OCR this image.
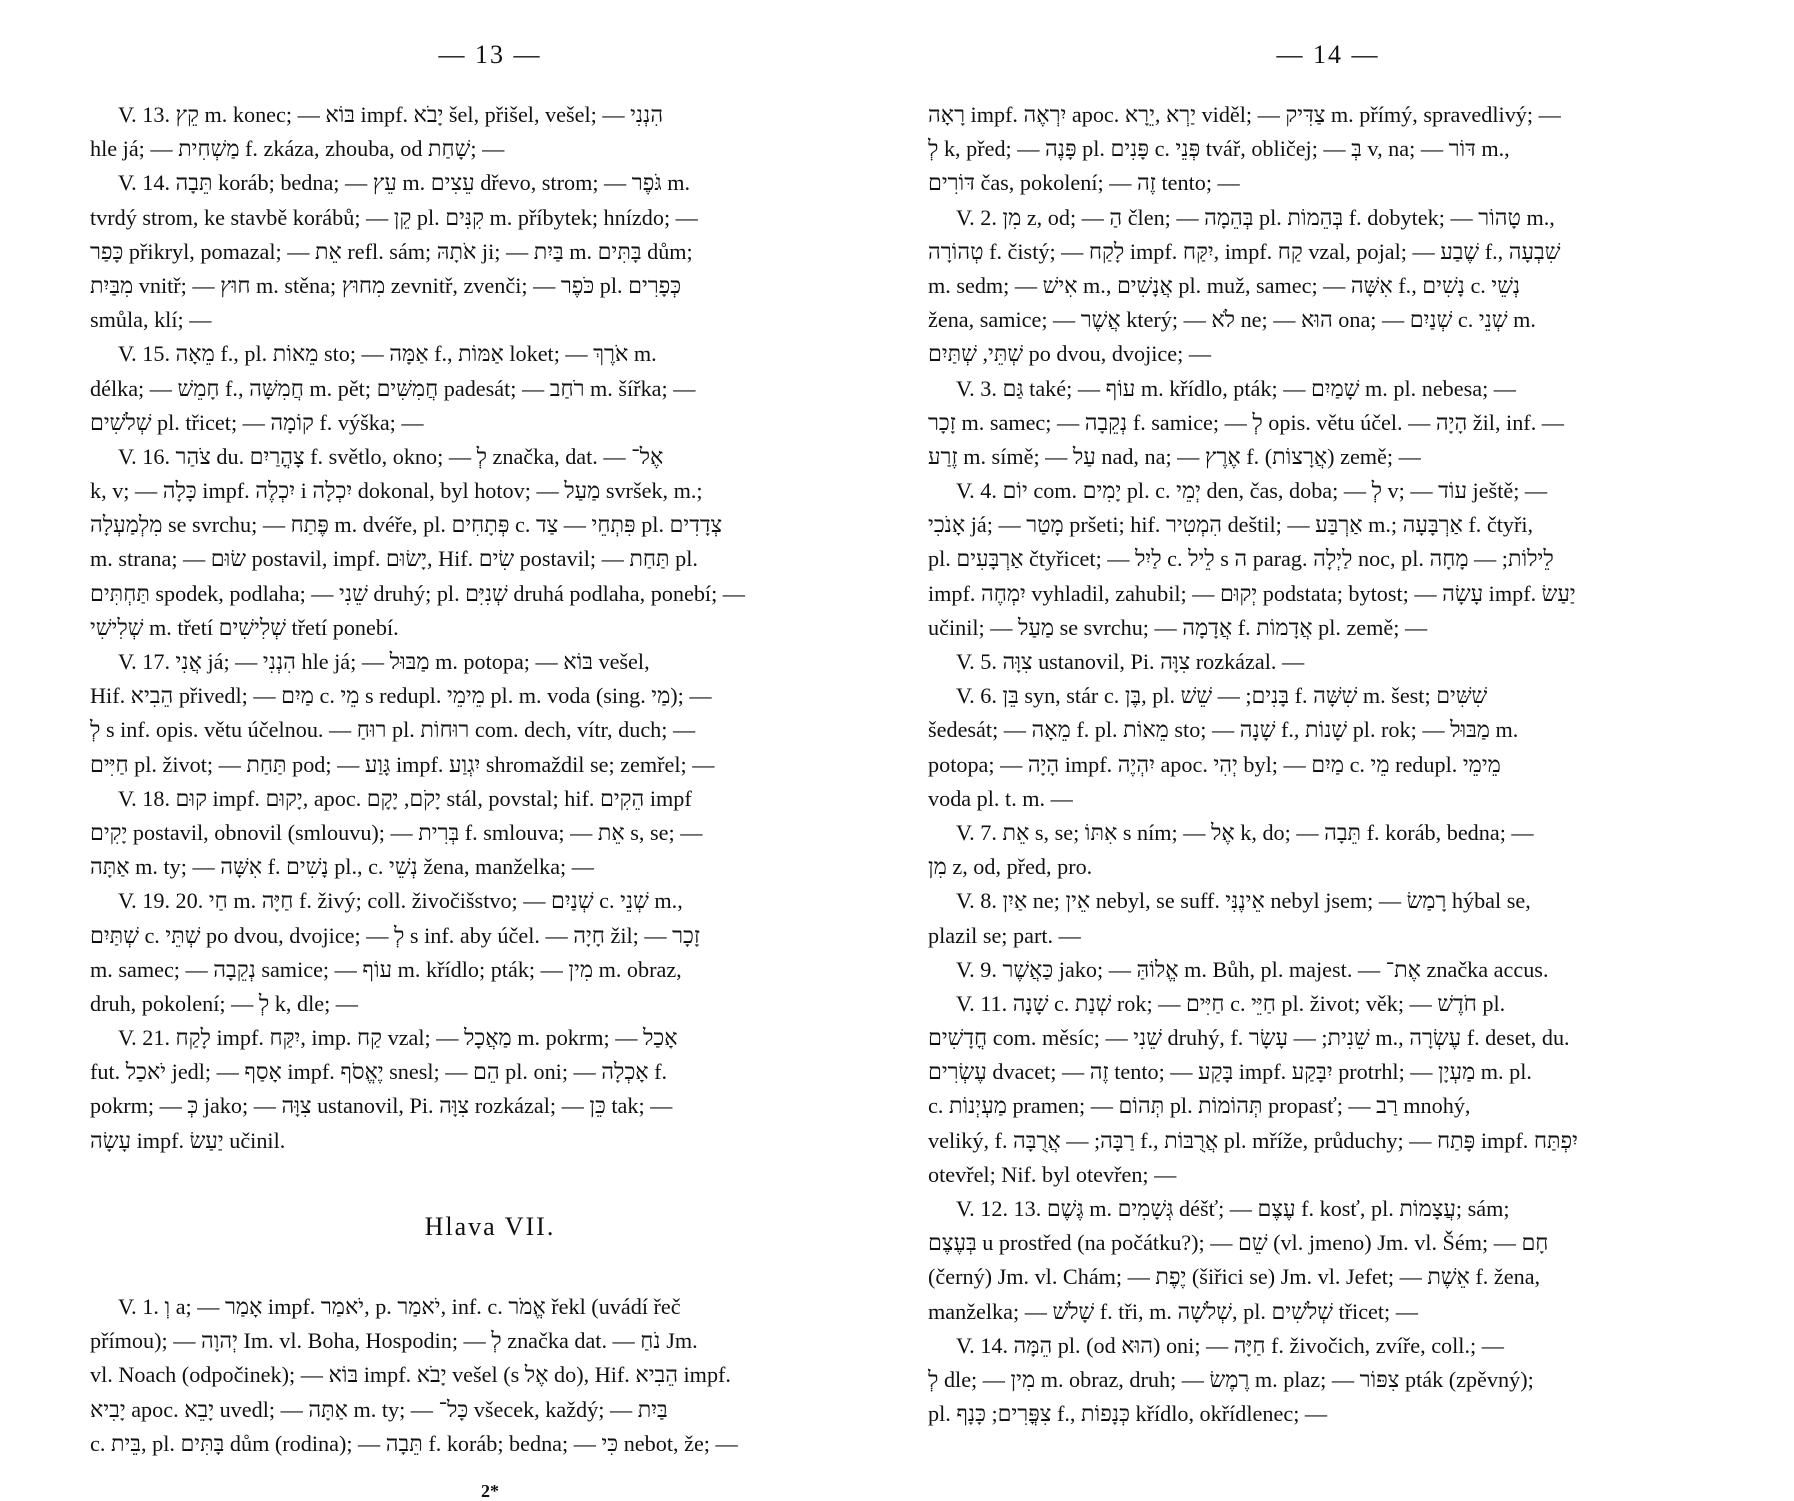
— 13 —
V. 13. קֵץ m. konec; — בּוֹא impf. יָבֹא šel, přišel, vešel; — הִנְנִי
hle já; — מַשְׁחִית f. zkáza, zhouba, od שָׁחַת; —
V. 14. תֵּבָה koráb; bedna; — עֵץ m. עֵצִים dřevo, strom; — גֹּפֶר m.
tvrdý strom, ke stavbě korábů; — קֵן pl. קִנִּים m. příbytek; hnízdo; —
כָּפַר přikryl, pomazal; — אֵת refl. sám; אֹתָהּ ji; — בַּיִת m. בָּתִּים dům;
מִבַּיִת vnitř; — חוּץ m. stěna; מִחוּץ zevnitř, zvenči; — כֹּפֶר pl. כְּפָרִים
smůla, klí; —
V. 15. מֵאָה f., pl. מֵאוֹת sto; — אַמָּה f., אַמּוֹת loket; — אֹרֶךְ m.
délka; — חָמֵשׁ f., חֲמִשָּׁה m. pět; חֲמִשִּׁים padesát; — רֹחַב m. šířka; —
שְׁלֹשִׁים pl. třicet; — קוֹמָה f. výška; —
V. 16. צֹהַר du. צָהֳרַיִם f. světlo, okno; — לְ značka, dat. — אֶל־
k, v; — כָּלָה impf. יִכְלֶה i יִכְלָה dokonal, byl hotov; — מַעַל svršek, m.;
מִלְמַעְלָה se svrchu; — פֶּתַח m. dvéře, pl. פְּתָחִים c. פִּתְחֵי — צַד pl. צְדָדִים
m. strana; — שׂוּם postavil, impf. יָשׂוּם, Hif. שִׂים postavil; — תַּחַת pl.
תַּחְתִּים spodek, podlaha; — שֵׁנִי druhý; pl. שְׁנִיִּם druhá podlaha, ponebí; —
שְׁלִישִׁי m. třetí שְׁלִישִׁים třetí ponebí.
V. 17. אֲנִי já; — הִנְנִי hle já; — מַבּוּל m. potopa; — בּוֹא vešel,
Hif. הֵבִיא přivedl; — מַיִם c. מֵי s redupl. מֵימֵי pl. m. voda (sing. מַי); —
לְ s inf. opis. větu účelnou. — רוּחַ pl. רוּחוֹת com. dech, vítr, duch; —
חַיִּים pl. život; — תַּחַת pod; — גָּוַע impf. יִגְוַע shromaždil se; zemřel; —
V. 18. קוּם impf. יָקוּם, apoc. יָקֹם, יָקָם stál, povstal; hif. הֵקִים impf
יָקִים postavil, obnovil (smlouvu); — בְּרִית f. smlouva; — אֵת s, se; —
אַתָּה m. ty; — אִשָּׁה f. נָשִׁים pl., c. נְשֵׁי žena, manželka; —
V. 19. 20. חַי m. חַיָּה f. živý; coll. živočišstvo; — שְׁנַיִם c. שְׁנֵי m.,
שְׁתַּיִם c. שְׁתֵּי po dvou, dvojice; — לְ s inf. aby účel. — חָיָה žil; — זָכָר
m. samec; — נְקֵבָה samice; — עוֹף m. křídlo; pták; — מִין m. obraz,
druh, pokolení; — לְ k, dle; —
V. 21. לָקַח impf. יִקַּח, imp. קַח vzal; — מַאֲכָל m. pokrm; — אָכַל
fut. יֹאכַל jedl; — אָסַף impf. יֶאֱסֹף snesl; — הֵם pl. oni; — אָכְלָה f.
pokrm; — כְּ jako; — צִוָּה ustanovil, Pi. צִוָּה rozkázal; — כֵּן tak; —
עָשָׂה impf. יַעַשׂ učinil.
Hlava VII.
V. 1. וְ a; — אָמַר impf. יֹאמַר, p. יֹאמַר, inf. c. אֱמֹר řekl (uvádí řeč
přímou); — יְהוָה Im. vl. Boha, Hospodin; — לְ značka dat. — נֹחַ Jm.
vl. Noach (odpočinek); — בּוֹא impf. יָבֹא vešel (s אֶל do), Hif. הֵבִיא impf.
יָבִיא apoc. יָבֵא uvedl; — אַתָּה m. ty; — כָּל־ všecek, každý; — בַּיִת
c. בֵּית, pl. בָּתִּים dům (rodina); — תֵּבָה f. koráb; bedna; — כִּי nebot, že; —
2*
— 14 —
רָאָה impf. יִרְאֶה apoc. יַרְא ,יֵרָא viděl; — צַדִּיק m. přímý, spravedlivý; —
לְ k, před; — פָּנֶה pl. פָּנִים c. פְּנֵי tvář, obličej; — בְּ v, na; — דּוֹר m.,
דּוֹרִים čas, pokolení; — זֶה tento; —
V. 2. מִן z, od; — הַ člen; — בְּהֵמָה pl. בְּהֵמוֹת f. dobytek; — טָהוֹר m.,
טְהוֹרָה f. čistý; — לָקַח impf. יִקַּח, impf. קַח vzal, pojal; — שֶׁבַע f., שִׁבְעָה
m. sedm; — אִישׁ m., אֲנָשִׁים pl. muž, samec; — אִשָּׁה f., נָשִׁים c. נְשֵׁי
žena, samice; — אֲשֶׁר který; — לֹא ne; — הוּא ona; — שְׁנַיִם c. שְׁנֵי m.
שְׁתֵּי, שְׁתַּיִם po dvou, dvojice; —
V. 3. גַּם také; — עוֹף m. křídlo, pták; — שָׁמַיִם m. pl. nebesa; —
זָכָר m. samec; — נְקֵבָה f. samice; — לְ opis. větu účel. — הָיָה žil, inf. —
זֶרַע m. símě; — עַל nad, na; — אֶרֶץ f. (אֲרָצוֹת) země; —
V. 4. יוֹם com. יָמִים pl. c. יְמֵי den, čas, doba; — לְ v; — עוֹד ještě; —
אָנֹכִי já; — מָטַר pršeti; hif. הִמְטִיר deštil; — אַרְבַּע m.; אַרְבָּעָה f. čtyři,
pl. אַרְבָּעִים čtyřicet; — לַיִל c. לֵיל s ה parag. לַיְלָה noc, pl. לֵילוֹת; — מָחָה
impf. יִמְחֶה vyhladil, zahubil; — יְקוּם podstata; bytost; — עָשָׂה impf. יַעַשׂ
učinil; — מַעַל se svrchu; — אֲדָמָה f. אֲדָמוֹת pl. země; —
V. 5. צִוָּה ustanovil, Pi. צִוָּה rozkázal. —
V. 6. בֵּן syn, stár c. בֶּן, pl. בָּנִים; — שֵׁשׁ f. שִׁשָּׁה m. šest; שִׁשִּׁים
šedesát; — מֵאָה f. pl. מֵאוֹת sto; — שָׁנָה f., שָׁנוֹת pl. rok; — מַבּוּל m.
potopa; — הָיָה impf. יִהְיֶה apoc. יְהִי byl; — מַיִם c. מֵי redupl. מֵימֵי
voda pl. t. m. —
V. 7. אֵת s, se; אִתּוֹ s ním; — אֶל k, do; — תֵּבָה f. koráb, bedna; —
מִן z, od, před, pro.
V. 8. אַיִן ne; אֵין nebyl, se suff. אֵינֶנִּי nebyl jsem; — רָמַשׂ hýbal se,
plazil se; part. —
V. 9. כַּאֲשֶׁר jako; — אֱלוֹהַּ m. Bůh, pl. majest. — אֶת־ značka accus.
V. 11. שָׁנָה c. שְׁנַת rok; — חַיִּים c. חַיֵּי pl. život; věk; — חֹדֶשׁ pl.
חֳדָשִׁים com. měsíc; — שֵׁנִי druhý, f. שֵׁנִית; — עָשָׂר m., עֶשְׂרָה f. deset, du.
עֶשְׂרִים dvacet; — זֶה tento; — בָּקַע impf. יִבָּקַע protrhl; — מַעְיָן m. pl.
c. מַעְיְנוֹת pramen; — תְּהוֹם pl. תְּהוֹמוֹת propasť; — רַב mnohý,
veliký, f. רַבָּה; — אֲרֻבָּה f., אֲרֻבּוֹת pl. mříže, průduchy; — פָּתַח impf. יִפְתַּח
otevřel; Nif. byl otevřen; —
V. 12. 13. גֶּשֶׁם m. גְּשָׁמִים déšť; — עֶצֶם f. kosť, pl. עֲצָמוֹת; sám;
בְּעֶצֶם u prostřed (na počátku?); — שֵׁם (vl. jmeno) Jm. vl. Šém; — חָם
(černý) Jm. vl. Chám; — יֶפֶת (šiřici se) Jm. vl. Jefet; — אֵשֶׁת f. žena,
manželka; — שָׁלֹשׁ f. tři, m. שְׁלֹשָׁה, pl. שְׁלֹשִׁים třicet; —
V. 14. הֵמָּה pl. (od הוּא) oni; — חַיָּה f. živočich, zvíře, coll.; —
לְ dle; — מִין m. obraz, druh; — רֶמֶשׂ m. plaz; — צִפּוֹר pták (zpěvný);
pl. צִפֳּרִים; כָּנָף f., כְּנָפוֹת křídlo, okřídlenec; —
